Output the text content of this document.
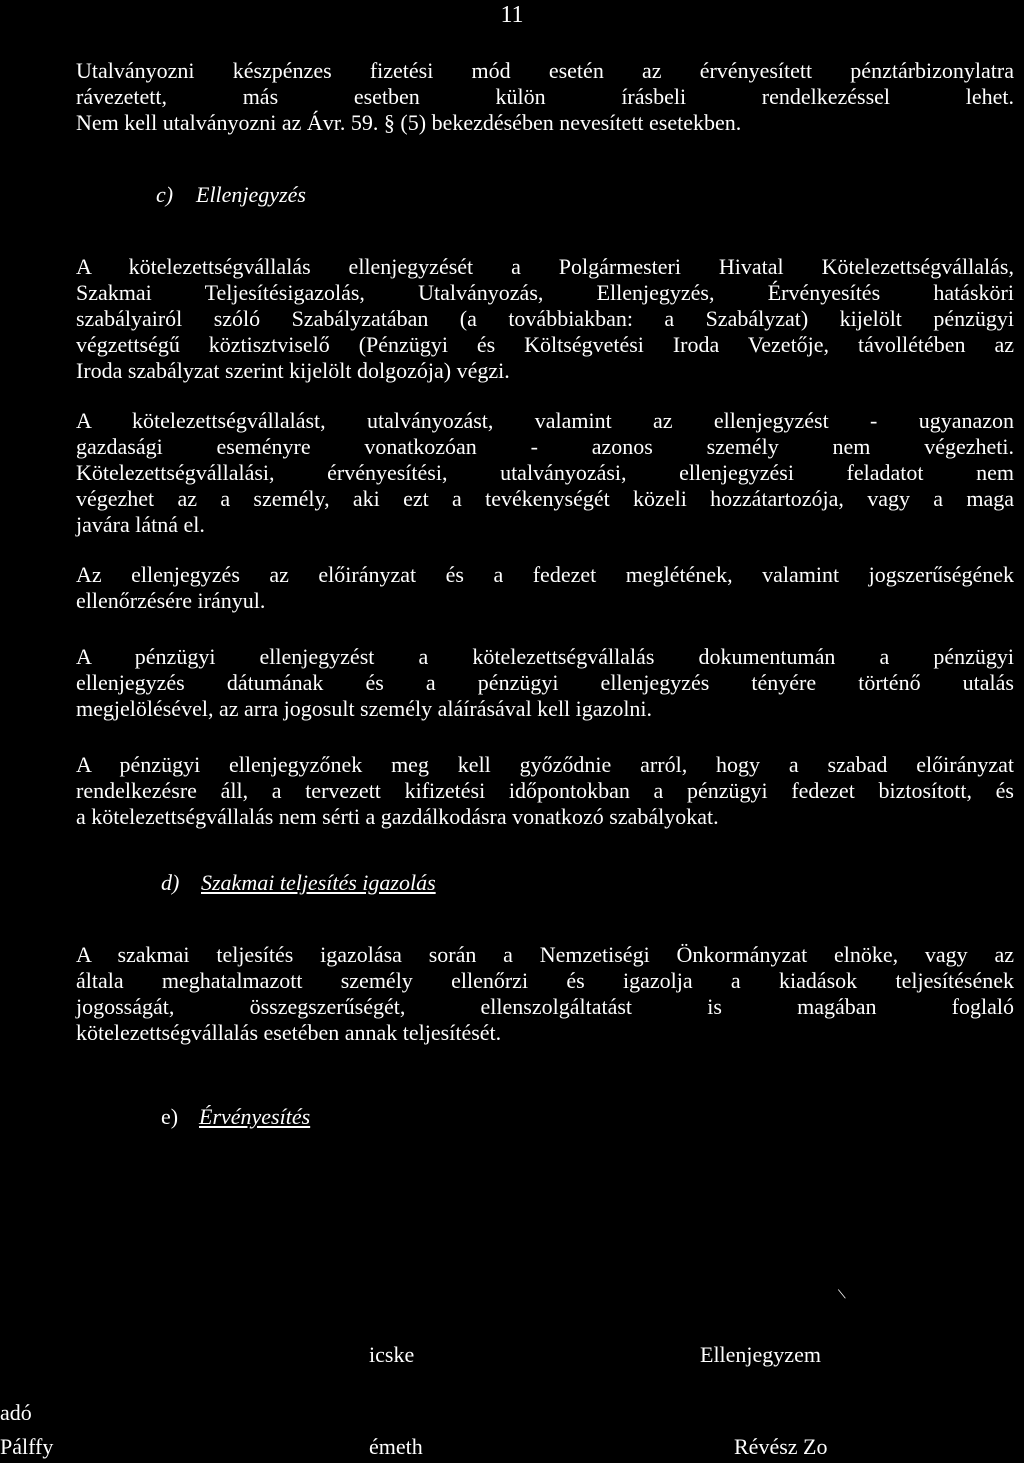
11

Utalványozni készpénzes fizetési mód esetén az érvényesített pénztárbizonylatra
rávezetett, más esetben külön írásbeli rendelkezéssel lehet.
Nem kell utalványozni az Ávr. 59. § (5) bekezdésében nevesített esetekben.

c) Ellenjegyzés

A kötelezettségvállalás ellenjegyzését a Polgármesteri Hivatal Kötelezettségvállalás,
Szakmai Teljesítésigazolás, Utalványozás, Ellenjegyzés, Érvényesítés hatásköri
szabályairól szóló Szabályzatában (a továbbiakban: a Szabályzat) kijelölt pénzügyi
végzettségű köztisztviselő (Pénzügyi és Költségvetési Iroda Vezetője, távollétében az
Iroda szabályzat szerint kijelölt dolgozója) végzi.

A kötelezettségvállalást, utalványozást, valamint az ellenjegyzést - ugyanazon
gazdasági eseményre vonatkozóan - azonos személy nem végezheti.
Kötelezettségvállalási, érvényesítési, utalványozási, ellenjegyzési feladatot nem
végezhet az a személy, aki ezt a tevékenységét közeli hozzátartozója, vagy a maga
javára látná el.

Az ellenjegyzés az előirányzat és a fedezet meglétének, valamint jogszerűségének
ellenőrzésére irányul.

A pénzügyi ellenjegyzést a kötelezettségvállalás dokumentumán a pénzügyi
ellenjegyzés dátumának és a pénzügyi ellenjegyzés tényére történő utalás
megjelölésével, az arra jogosult személy aláírásával kell igazolni.

A pénzügyi ellenjegyzőnek meg kell győződnie arról, hogy a szabad előirányzat
rendelkezésre áll, a tervezett kifizetési időpontokban a pénzügyi fedezet biztosított, és
a kötelezettségvállalás nem sérti a gazdálkodásra vonatkozó szabályokat.

d) Szakmai teljesítés igazolás

A szakmai teljesítés igazolása során a Nemzetiségi Önkormányzat elnöke, vagy az
általa meghatalmazott személy ellenőrzi és igazolja a kiadások teljesítésének
jogosságát, összegszerűségét, ellenszolgáltatást is magában foglaló
kötelezettségvállalás esetében annak teljesítését.

e) Érvényesítés

\
icske	Ellenjegyzem
adó
Pálffy	émeth	Révész Zo
